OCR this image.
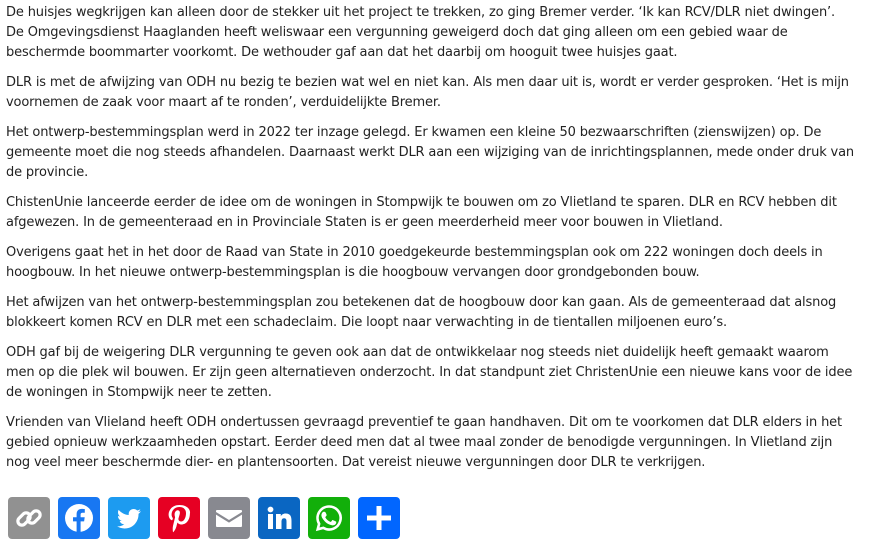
De huisjes wegkrijgen kan alleen door de stekker uit het project te trekken, zo ging Bremer verder. ‘Ik kan RCV/DLR niet dwingen’. De Omgevingsdienst Haaglanden heeft weliswaar een vergunning geweigerd doch dat ging alleen om een gebied waar de beschermde boommarter voorkomt. De wethouder gaf aan dat het daarbij om hooguit twee huisjes gaat.

DLR is met de afwijzing van ODH nu bezig te bezien wat wel en niet kan. Als men daar uit is, wordt er verder gesproken. ‘Het is mijn voornemen de zaak voor maart af te ronden’, verduidelijkte Bremer.

Het ontwerp-bestemmingsplan werd in 2022 ter inzage gelegd. Er kwamen een kleine 50 bezwaarschriften (zienswijzen) op. De gemeente moet die nog steeds afhandelen. Daarnaast werkt DLR aan een wijziging van de inrichtingsplannen, mede onder druk van de provincie.

ChistenUnie lanceerde eerder de idee om de woningen in Stompwijk te bouwen om zo Vlietland te sparen. DLR en RCV hebben dit afgewezen. In de gemeenteraad en in Provinciale Staten is er geen meerderheid meer voor bouwen in Vlietland.

Overigens gaat het in het door de Raad van State in 2010 goedgekeurde bestemmingsplan ook om 222 woningen doch deels in hoogbouw. In het nieuwe ontwerp-bestemmingsplan is die hoogbouw vervangen door grondgebonden bouw.

Het afwijzen van het ontwerp-bestemmingsplan zou betekenen dat de hoogbouw door kan gaan. Als de gemeenteraad dat alsnog blokkeert komen RCV en DLR met een schadeclaim. Die loopt naar verwachting in de tientallen miljoenen euro’s.

ODH gaf bij de weigering DLR vergunning te geven ook aan dat de ontwikkelaar nog steeds niet duidelijk heeft gemaakt waarom men op die plek wil bouwen. Er zijn geen alternatieven onderzocht. In dat standpunt ziet ChristenUnie een nieuwe kans voor de idee de woningen in Stompwijk neer te zetten.

Vrienden van Vlieland heeft ODH ondertussen gevraagd preventief te gaan handhaven. Dit om te voorkomen dat DLR elders in het gebied opnieuw werkzaamheden opstart. Eerder deed men dat al twee maal zonder de benodigde vergunningen. In Vlietland zijn nog veel meer beschermde dier- en plantensoorten. Dat vereist nieuwe vergunningen door DLR te verkrijgen.
